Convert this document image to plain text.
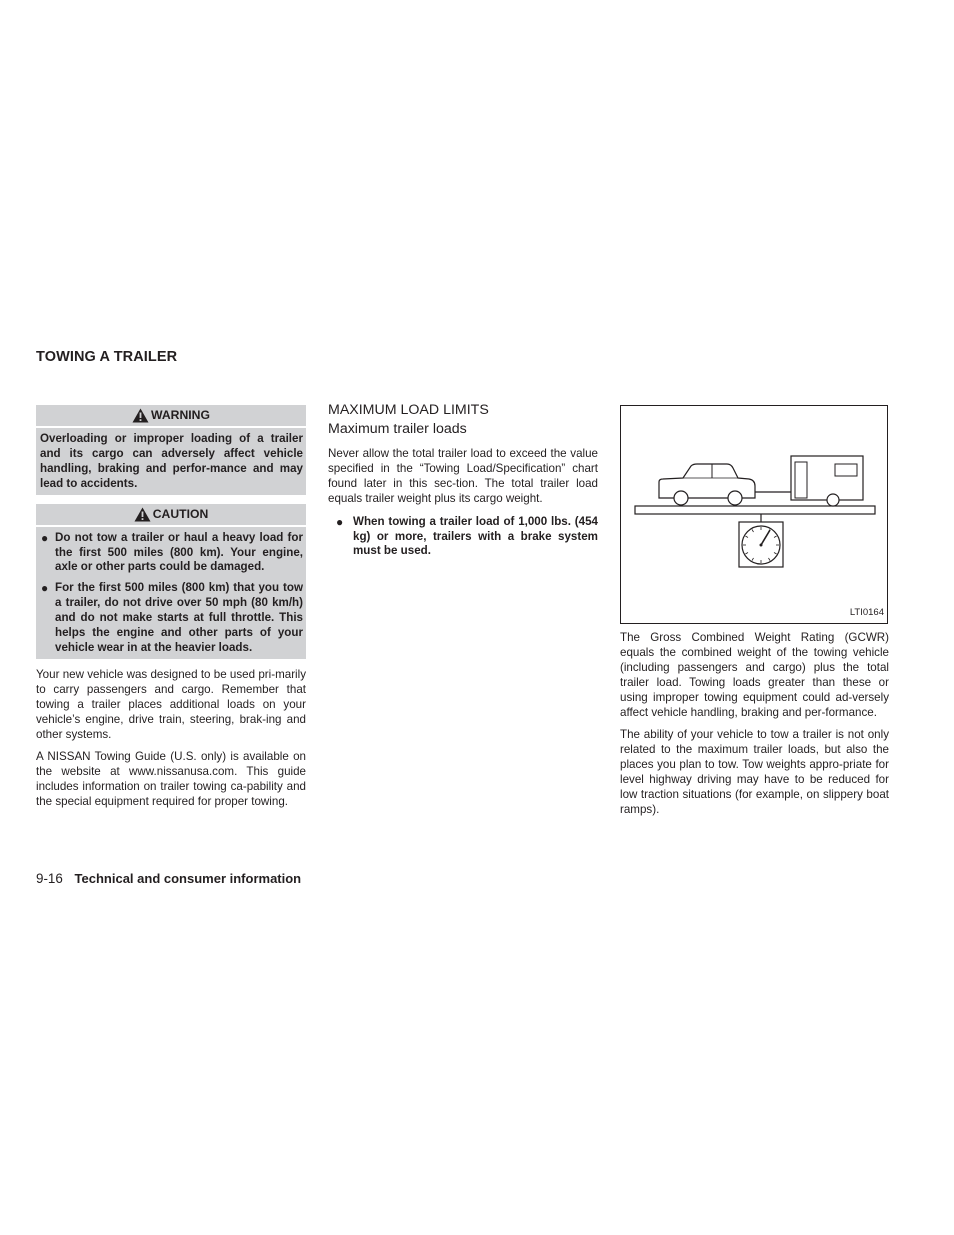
TOWING A TRAILER
WARNING
Overloading or improper loading of a trailer and its cargo can adversely affect vehicle handling, braking and perfor-mance and may lead to accidents.
CAUTION
● Do not tow a trailer or haul a heavy load for the first 500 miles (800 km). Your engine, axle or other parts could be damaged.
● For the first 500 miles (800 km) that you tow a trailer, do not drive over 50 mph (80 km/h) and do not make starts at full throttle. This helps the engine and other parts of your vehicle wear in at the heavier loads.

Your new vehicle was designed to be used pri-marily to carry passengers and cargo. Remember that towing a trailer places additional loads on your vehicle’s engine, drive train, steering, brak-ing and other systems.

A NISSAN Towing Guide (U.S. only) is available on the website at www.nissanusa.com. This guide includes information on trailer towing ca-pability and the special equipment required for proper towing.

MAXIMUM LOAD LIMITS
Maximum trailer loads

Never allow the total trailer load to exceed the value specified in the “Towing Load/Specification” chart found later in this sec-tion. The total trailer load equals trailer weight plus its cargo weight.

● When towing a trailer load of 1,000 lbs. (454 kg) or more, trailers with a brake system must be used.
LTI0164

The Gross Combined Weight Rating (GCWR) equals the combined weight of the towing vehicle (including passengers and cargo) plus the total trailer load. Towing loads greater than these or using improper towing equipment could ad-versely affect vehicle handling, braking and per-formance.

The ability of your vehicle to tow a trailer is not only related to the maximum trailer loads, but also the places you plan to tow. Tow weights appro-priate for level highway driving may have to be reduced for low traction situations (for example, on slippery boat ramps).

9-16 Technical and consumer information
